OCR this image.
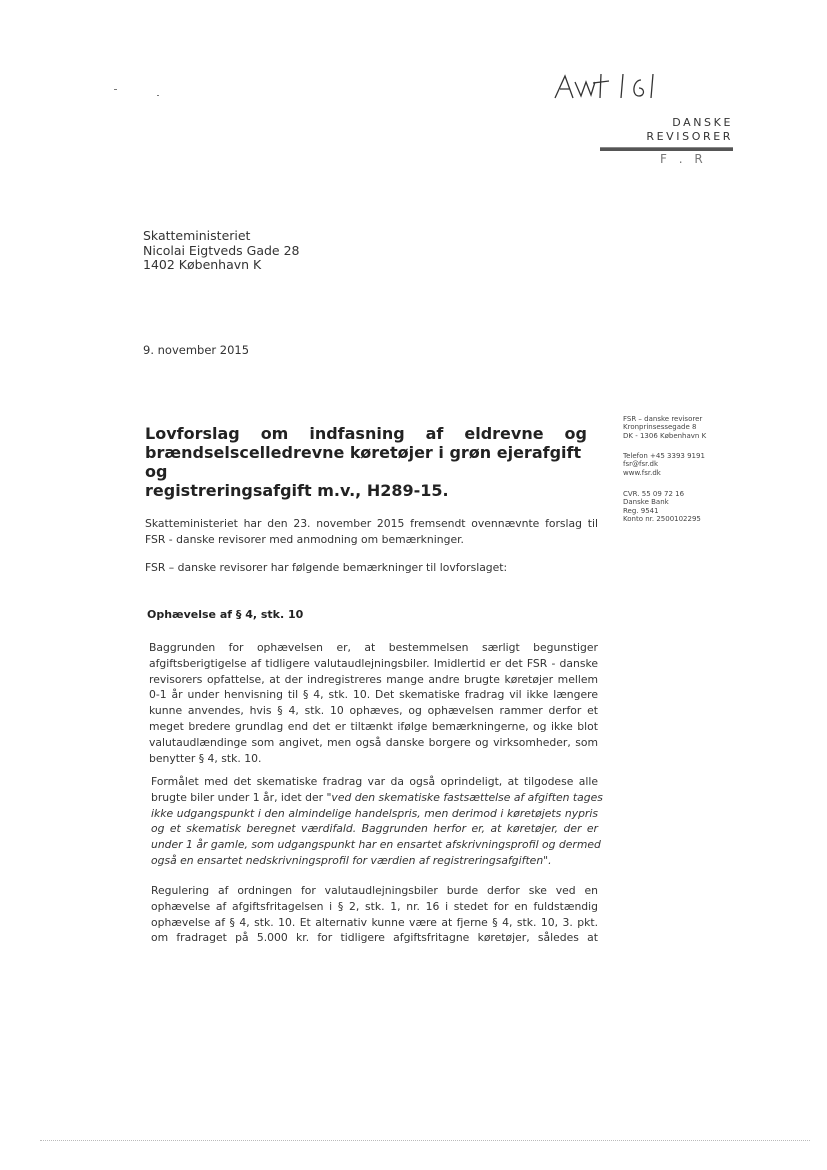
DANSKE
REVISORER
F . R
Skatteministeriet
Nicolai Eigtveds Gade 28
1402 København K
9. november 2015
FSR – danske revisorer
Kronprinsessegade 8
DK - 1306 København K
Telefon +45 3393 9191
fsr@fsr.dk
www.fsr.dk
CVR. 55 09 72 16
Danske Bank
Reg. 9541
Konto nr. 2500102295
Lovforslag om indfasning af eldrevne og
brændselscelledrevne køretøjer i grøn ejerafgift og
registreringsafgift m.v., H289-15.
Skatteministeriet har den 23. november 2015 fremsendt ovennævnte forslag til
FSR - danske revisorer med anmodning om bemærkninger.
FSR – danske revisorer har følgende bemærkninger til lovforslaget:
Ophævelse af § 4, stk. 10
Baggrunden for ophævelsen er, at bestemmelsen særligt begunstiger
afgiftsberigtigelse af tidligere valutaudlejningsbiler. Imidlertid er det FSR - danske
revisorers opfattelse, at der indregistreres mange andre brugte køretøjer mellem
0-1 år under henvisning til § 4, stk. 10. Det skematiske fradrag vil ikke længere
kunne anvendes, hvis § 4, stk. 10 ophæves, og ophævelsen rammer derfor et
meget bredere grundlag end det er tiltænkt ifølge bemærkningerne, og ikke blot
valutaudlændinge som angivet, men også danske borgere og virksomheder, som
benytter § 4, stk. 10.
Formålet med det skematiske fradrag var da også oprindeligt, at tilgodese alle
brugte biler under 1 år, idet der "ved den skematiske fastsættelse af afgiften tages
ikke udgangspunkt i den almindelige handelspris, men derimod i køretøjets nypris
og et skematisk beregnet værdifald. Baggrunden herfor er, at køretøjer, der er
under 1 år gamle, som udgangspunkt har en ensartet afskrivningsprofil og dermed
også en ensartet nedskrivningsprofil for værdien af registreringsafgiften".
Regulering af ordningen for valutaudlejningsbiler burde derfor ske ved en
ophævelse af afgiftsfritagelsen i § 2, stk. 1, nr. 16 i stedet for en fuldstændig
ophævelse af § 4, stk. 10. Et alternativ kunne være at fjerne § 4, stk. 10, 3. pkt.
om fradraget på 5.000 kr. for tidligere afgiftsfritagne køretøjer, således at
